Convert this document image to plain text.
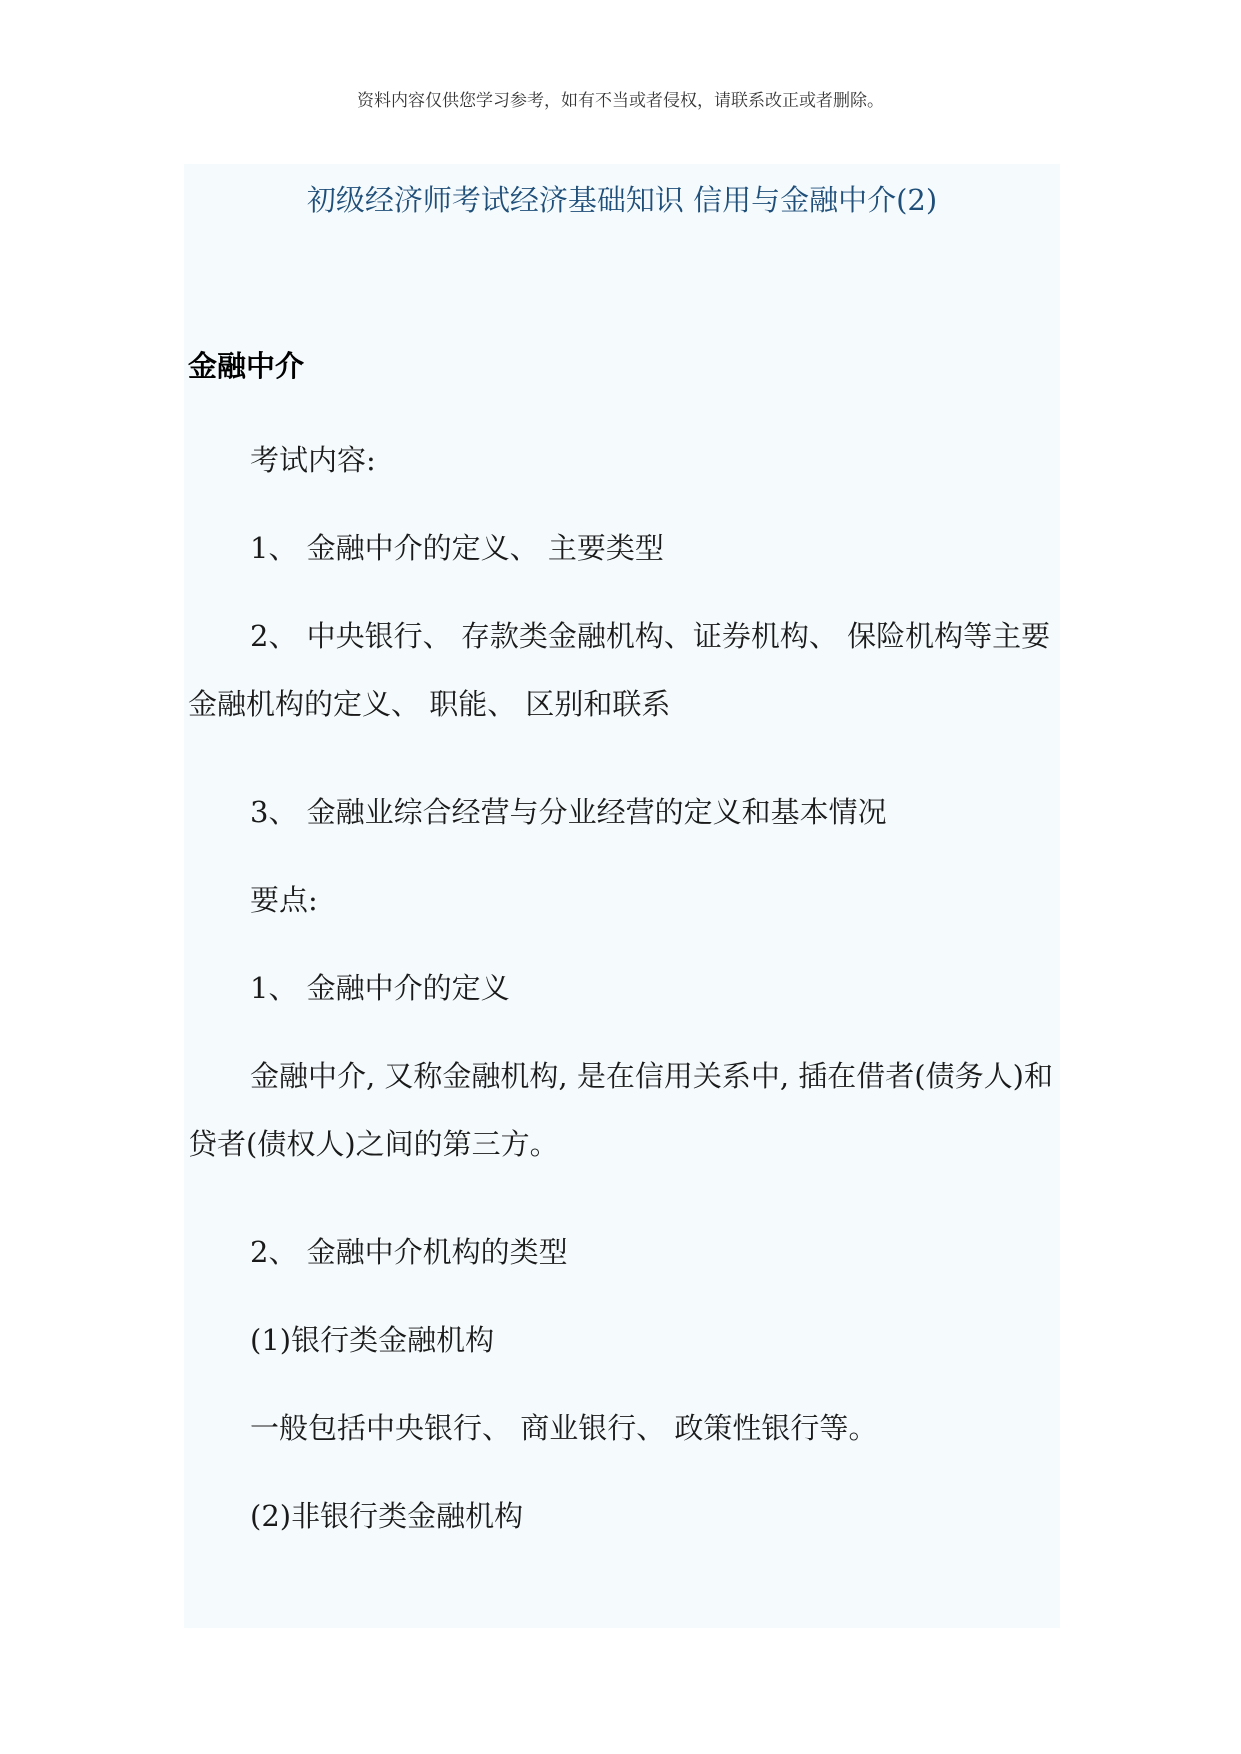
资料内容仅供您学习参考，如有不当或者侵权，请联系改正或者删除。
初级经济师考试经济基础知识 信用与金融中介(2)
金融中介
考试内容:
1、 金融中介的定义、 主要类型
2、 中央银行、 存款类金融机构、证券机构、 保险机构等主要金融机构的定义、 职能、 区别和联系
3、 金融业综合经营与分业经营的定义和基本情况
要点:
1、 金融中介的定义
金融中介, 又称金融机构, 是在信用关系中, 插在借者(债务人)和贷者(债权人)之间的第三方。
2、 金融中介机构的类型
(1)银行类金融机构
一般包括中央银行、 商业银行、 政策性银行等。
(2)非银行类金融机构
